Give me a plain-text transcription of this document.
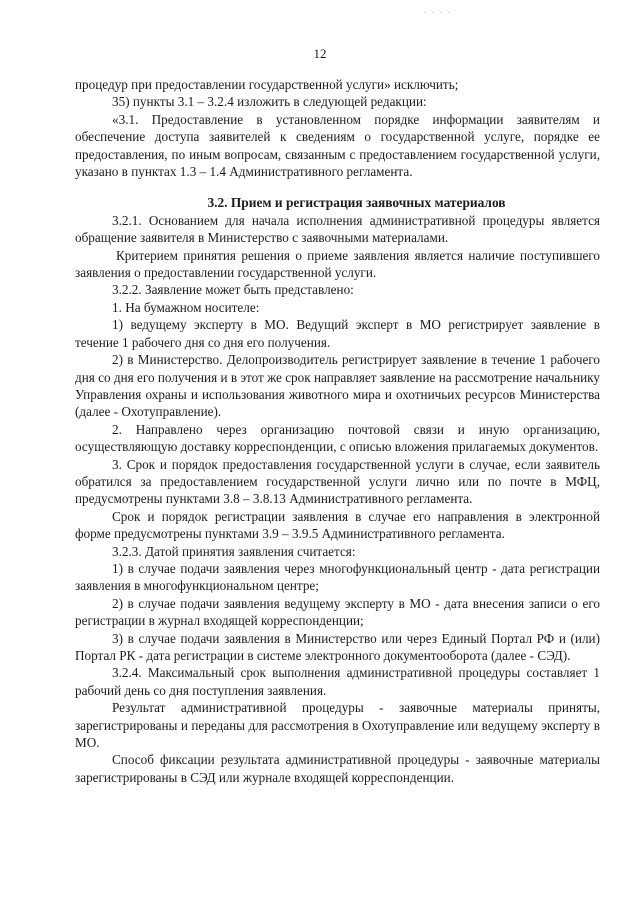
. . . .
12

процедур при предоставлении государственной услуги» исключить;

35) пункты 3.1 – 3.2.4 изложить в следующей редакции:

«3.1. Предоставление в установленном порядке информации заявителям и обеспечение доступа заявителей к сведениям о государственной услуге, порядке ее предоставления, по иным вопросам, связанным с предоставлением государственной услуги, указано в пунктах 1.3 – 1.4 Административного регламента.

3.2. Прием и регистрация заявочных материалов

3.2.1. Основанием для начала исполнения административной процедуры является обращение заявителя в Министерство с заявочными материалами.

Критерием принятия решения о приеме заявления является наличие поступившего заявления о предоставлении государственной услуги.

3.2.2. Заявление может быть представлено:

1. На бумажном носителе:

1) ведущему эксперту в МО. Ведущий эксперт в МО регистрирует заявление в течение 1 рабочего дня со дня его получения.

2) в Министерство. Делопроизводитель регистрирует заявление в течение 1 рабочего дня со дня его получения и в этот же срок направляет заявление на рассмотрение начальнику Управления охраны и использования животного мира и охотничьих ресурсов Министерства (далее - Охотуправление).

2. Направлено через организацию почтовой связи и иную организацию, осуществляющую доставку корреспонденции, с описью вложения прилагаемых документов.

3. Срок и порядок предоставления государственной услуги в случае, если заявитель обратился за предоставлением государственной услуги лично или по почте в МФЦ, предусмотрены пунктами 3.8 – 3.8.13 Административного регламента.

Срок и порядок регистрации заявления в случае его направления в электронной форме предусмотрены пунктами 3.9 – 3.9.5 Административного регламента.

3.2.3. Датой принятия заявления считается:

1) в случае подачи заявления через многофункциональный центр - дата регистрации заявления в многофункциональном центре;

2) в случае подачи заявления ведущему эксперту в МО - дата внесения записи о его регистрации в журнал входящей корреспонденции;

3) в случае подачи заявления в Министерство или через Единый Портал РФ и (или) Портал РК - дата регистрации в системе электронного документооборота (далее - СЭД).

3.2.4. Максимальный срок выполнения административной процедуры составляет 1 рабочий день со дня поступления заявления.

Результат административной процедуры - заявочные материалы приняты, зарегистрированы и переданы для рассмотрения в Охотуправление или ведущему эксперту в МО.

Способ фиксации результата административной процедуры - заявочные материалы зарегистрированы в СЭД или журнале входящей корреспонденции.
